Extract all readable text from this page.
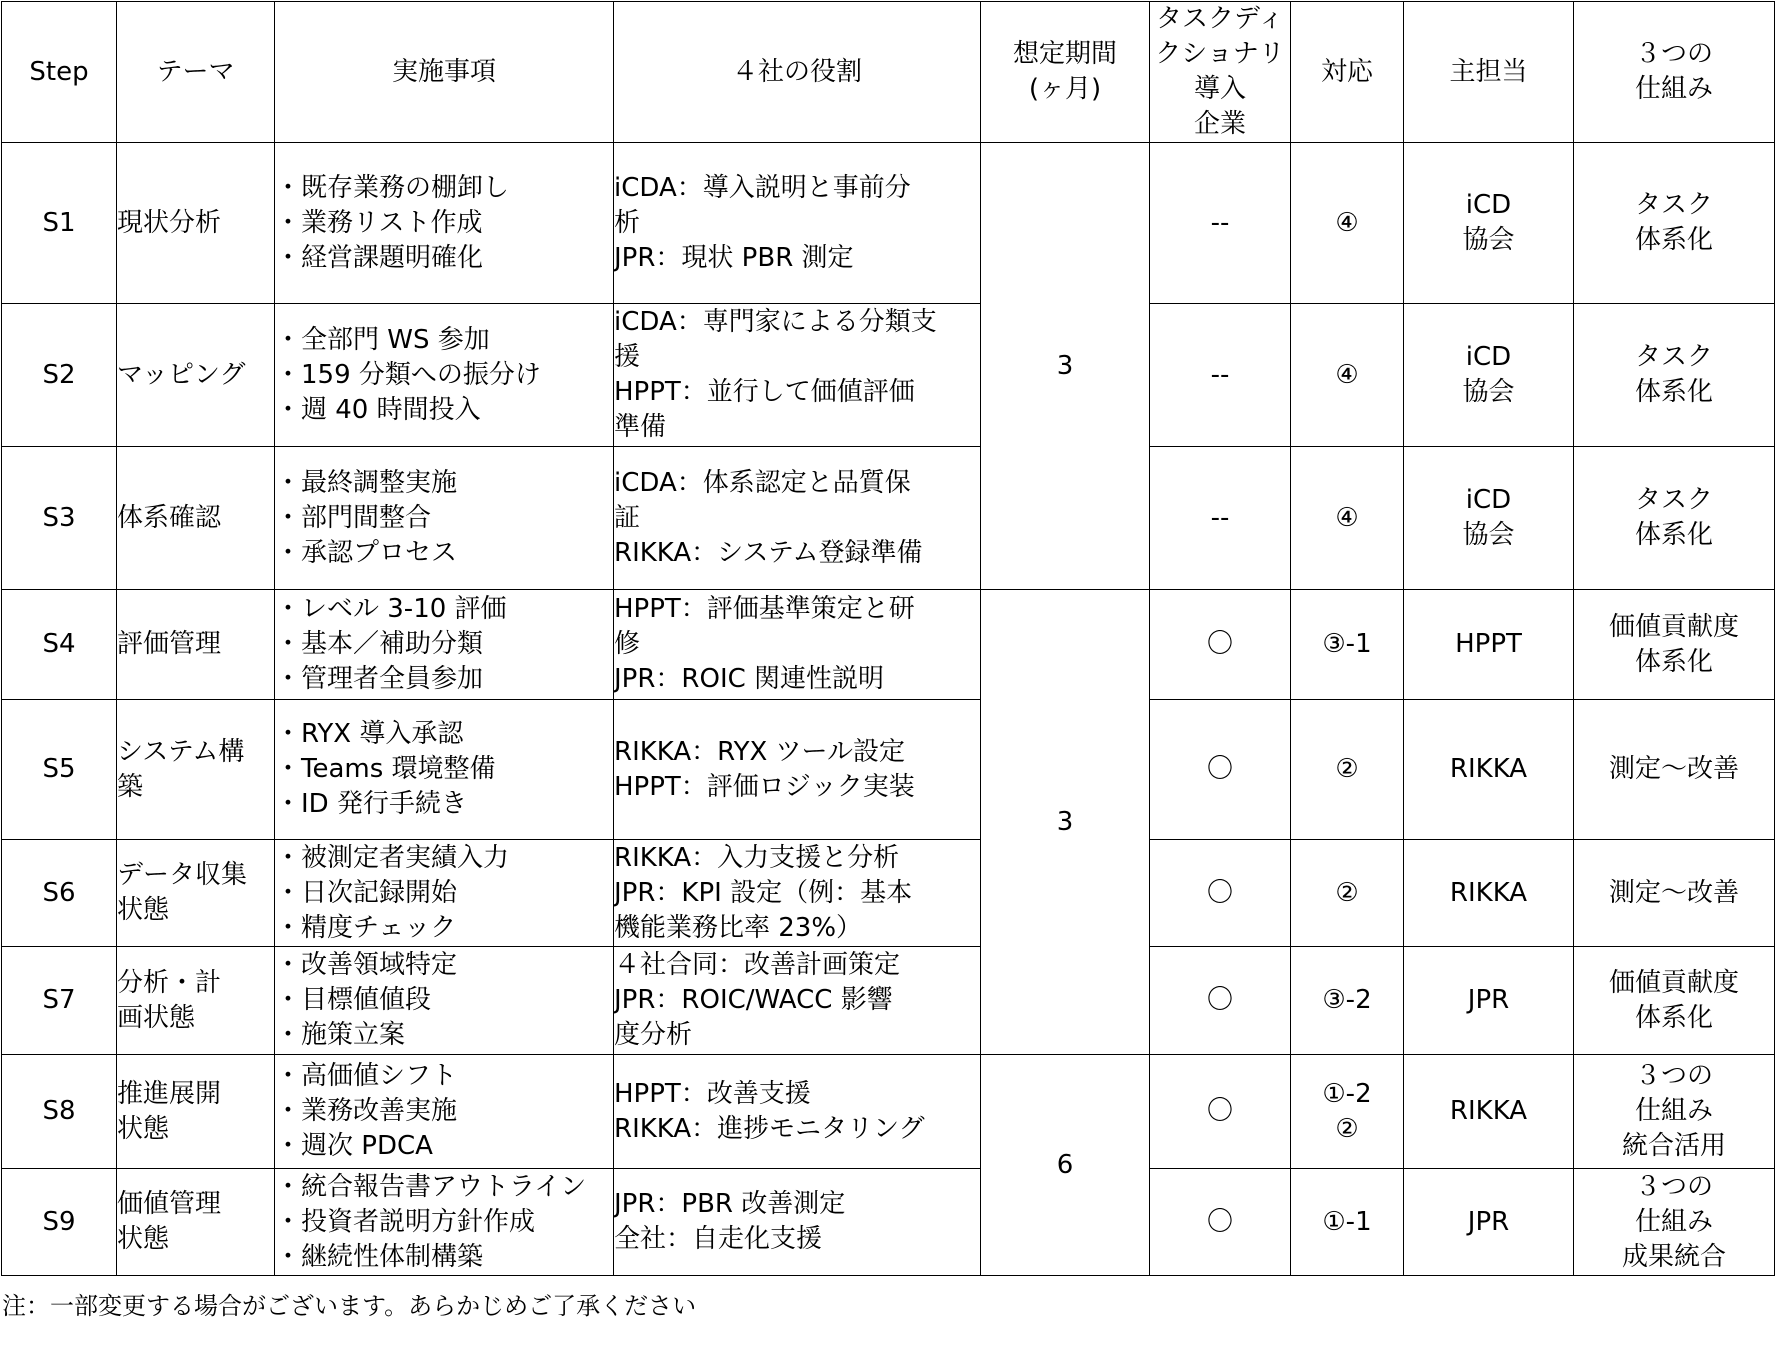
Step	テーマ	実施事項	４社の役割	想定期間
(ヶ月)	タスクディ
クショナリ
導入
企業	対応	主担当	３つの
仕組み
S1	現状分析	・既存業務の棚卸し
・業務リスト作成
・経営課題明確化	iCDA：導入説明と事前分
析
JPR：現状 PBR 測定	3	--	④	iCD
協会	タスク
体系化
S2	マッピング	・全部門 WS 参加
・159 分類への振分け
・週 40 時間投入	iCDA：専門家による分類支
援
HPPT：並行して価値評価
準備		--	④	iCD
協会	タスク
体系化
S3	体系確認	・最終調整実施
・部門間整合
・承認プロセス	iCDA：体系認定と品質保
証
RIKKA：システム登録準備		--	④	iCD
協会	タスク
体系化
S4	評価管理	・レベル 3-10 評価
・基本／補助分類
・管理者全員参加	HPPT：評価基準策定と研
修
JPR：ROIC 関連性説明	3	〇	③-1	HPPT	価値貢献度
体系化
S5	システム構
築	・RYX 導入承認
・Teams 環境整備
・ID 発行手続き	RIKKA：RYX ツール設定
HPPT：評価ロジック実装		〇	②	RIKKA	測定～改善
S6	データ収集
状態	・被測定者実績入力
・日次記録開始
・精度チェック	RIKKA：入力支援と分析
JPR：KPI 設定（例：基本
機能業務比率 23%）		〇	②	RIKKA	測定～改善
S7	分析・計
画状態	・改善領域特定
・目標値値段
・施策立案	４社合同：改善計画策定
JPR：ROIC/WACC 影響
度分析		〇	③-2	JPR	価値貢献度
体系化
S8	推進展開
状態	・高価値シフト
・業務改善実施
・週次 PDCA	HPPT：改善支援
RIKKA：進捗モニタリング	6	〇	①-2
②	RIKKA	３つの
仕組み
統合活用
S9	価値管理
状態	・統合報告書アウトライン
・投資者説明方針作成
・継続性体制構築	JPR：PBR 改善測定
全社：自走化支援		〇	①-1	JPR	３つの
仕組み
成果統合
注：一部変更する場合がございます。あらかじめご了承ください
